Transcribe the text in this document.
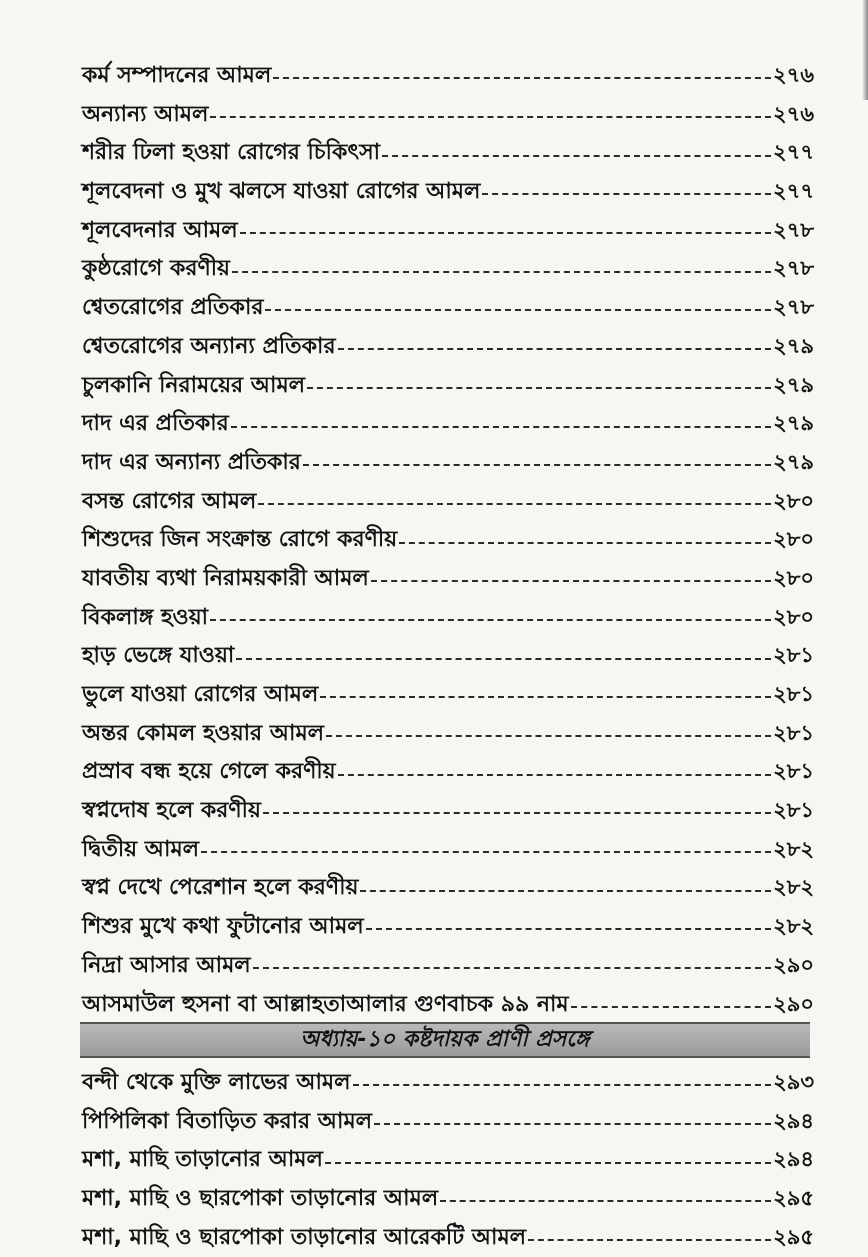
কর্ম সম্পাদনের আমল	২৭৬
অন্যান্য আমল	২৭৬
শরীর ঢিলা হওয়া রোগের চিকিৎসা	২৭৭
শূলবেদনা ও মুখ ঝলসে যাওয়া রোগের আমল	২৭৭
শূলবেদনার আমল	২৭৮
কুষ্ঠরোগে করণীয়	২৭৮
শ্বেতরোগের প্রতিকার	২৭৮
শ্বেতরোগের অন্যান্য প্রতিকার	২৭৯
চুলকানি নিরাময়ের আমল	২৭৯
দাদ এর প্রতিকার	২৭৯
দাদ এর অন্যান্য প্রতিকার	২৭৯
বসন্ত রোগের আমল	২৮০
শিশুদের জিন সংক্রান্ত রোগে করণীয়	২৮০
যাবতীয় ব্যথা নিরাময়কারী আমল	২৮০
বিকলাঙ্গ হওয়া	২৮০
হাড় ভেঙ্গে যাওয়া	২৮১
ভুলে যাওয়া রোগের আমল	২৮১
অন্তর কোমল হওয়ার আমল	২৮১
প্রস্রাব বন্ধ হয়ে গেলে করণীয়	২৮১
স্বপ্নদোষ হলে করণীয়	২৮১
দ্বিতীয় আমল	২৮২
স্বপ্ন দেখে পেরেশান হলে করণীয়	২৮২
শিশুর মুখে কথা ফুটানোর আমল	২৮২
নিদ্রা আসার আমল	২৯০
আসমাউল হুসনা বা আল্লাহতাআলার গুণবাচক ৯৯ নাম	২৯০
অধ্যায়-১০ কষ্টদায়ক প্রাণী প্রসঙ্গে
বন্দী থেকে মুক্তি লাভের আমল	২৯৩
পিপিলিকা বিতাড়িত করার আমল	২৯৪
মশা, মাছি তাড়ানোর আমল	২৯৪
মশা, মাছি ও ছারপোকা তাড়ানোর আমল	২৯৫
মশা, মাছি ও ছারপোকা তাড়ানোর আরেকটি আমল	২৯৫
